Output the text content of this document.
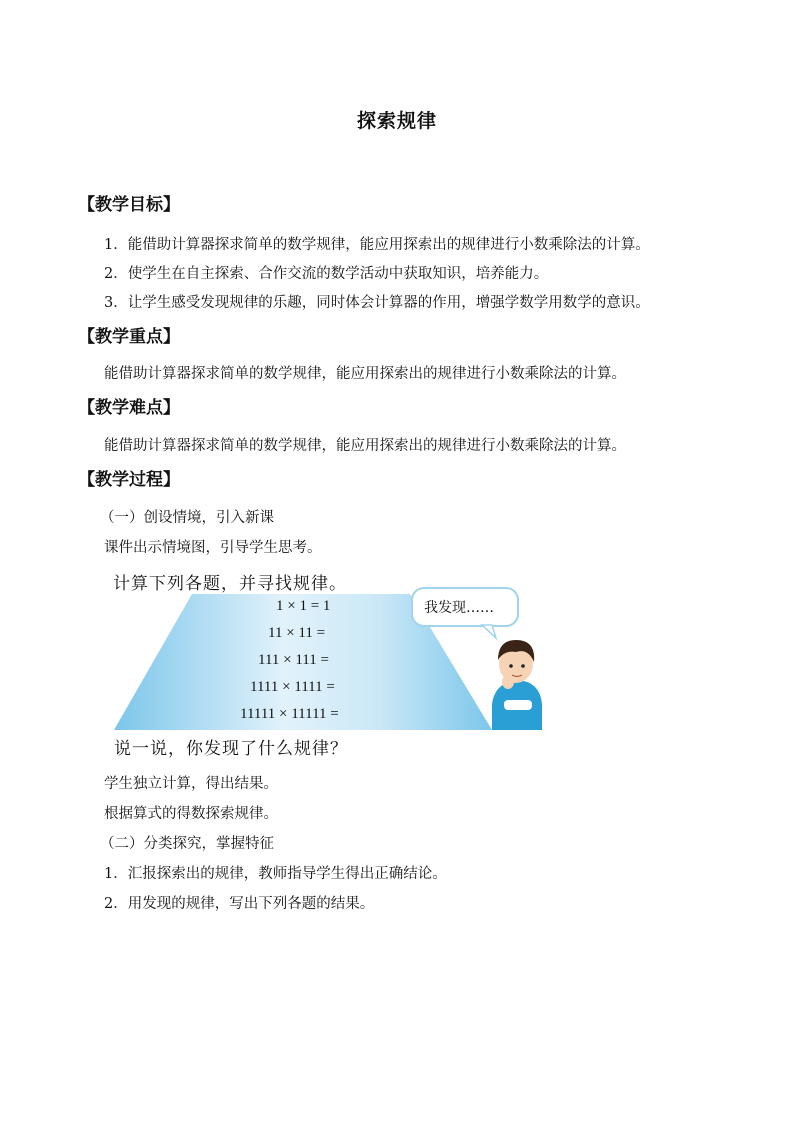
探索规律
【教学目标】
1．能借助计算器探求简单的数学规律，能应用探索出的规律进行小数乘除法的计算。
2．使学生在自主探索、合作交流的数学活动中获取知识，培养能力。
3．让学生感受发现规律的乐趣，同时体会计算器的作用，增强学数学用数学的意识。
【教学重点】
能借助计算器探求简单的数学规律，能应用探索出的规律进行小数乘除法的计算。
【教学难点】
能借助计算器探求简单的数学规律，能应用探索出的规律进行小数乘除法的计算。
【教学过程】
（一）创设情境，引入新课
课件出示情境图，引导学生思考。
计算下列各题，并寻找规律。
1 × 1 = 1
11 × 11 =
111 × 111 =
1111 × 1111 =
11111 × 11111 =
我发现……
说一说，你发现了什么规律？
学生独立计算，得出结果。
根据算式的得数探索规律。
（二）分类探究，掌握特征
1．汇报探索出的规律，教师指导学生得出正确结论。
2．用发现的规律，写出下列各题的结果。
